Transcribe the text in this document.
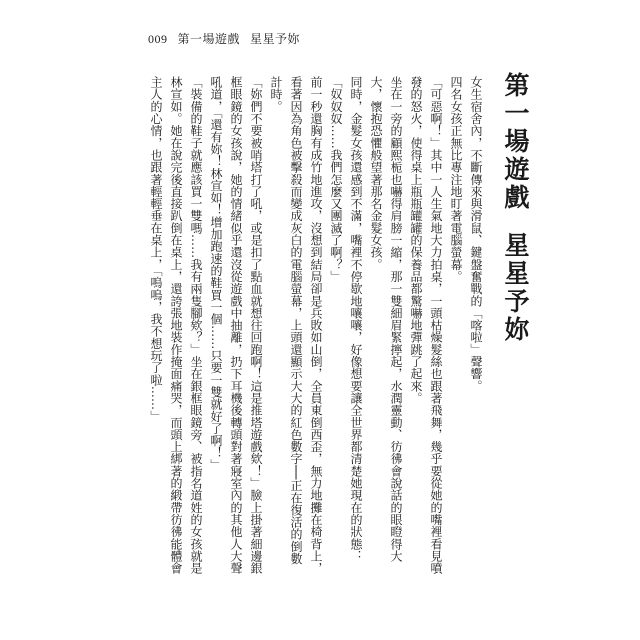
009 第一場遊戲 星星予妳
第一場遊戲星星予妳

女生宿舍內，不斷傳來與滑鼠、鍵盤奮戰的「喀啦」聲響。

四名女孩正無比專注地盯著電腦螢幕。

「可惡啊！」其中一人生氣地大力拍桌，一頭枯燥髮絲也跟著飛舞，幾乎要從她的嘴裡看見噴發的怒火，使得桌上瓶瓶罐罐的保養品都驚嚇地彈跳了起來。

坐在一旁的顧熙栀也嚇得肩膀一縮，那一雙細眉緊擰起，水潤靈動、彷彿會說話的眼瞪得大大，懷抱恐懼般望著那名金髮女孩。

同時，金髮女孩還感到不滿，嘴裡不停歇地嚷嚷，好像想要讓全世界都清楚她現在的狀態：「奴奴奴……我們怎麼又團滅了啊？」

前一秒還胸有成竹地進攻，沒想到結局卻是兵敗如山倒，全員東倒西歪，無力地攤在椅背上，看著因為角色被擊殺而變成灰白的電腦螢幕，上頭還顯示大大的紅色數字──正在復活的倒數計時。

「妳們不要被哨塔打了吼，或是扣了點血就想往回跑啊！這是推塔遊戲欸！」臉上掛著細邊銀框眼鏡的女孩說，她的情緒似乎還沒從遊戲中抽離，扔下耳機後轉頭對著寢室內的其他人大聲吼道，「還有妳！林宣如！增加跑速的鞋買一個……只要一雙就好了啊！」

「裝備的鞋子就應該買一雙嗎……我有兩隻腳欸？」坐在銀框眼鏡旁、被指名道姓的女孩就是林宣如。她在說完後直接趴倒在桌上，還誇張地裝作掩面痛哭，而頭上綁著的緞帶彷彿能體會主人的心情，也跟著輕輕垂在桌上，「嗚嗚，我不想玩了啦……」
